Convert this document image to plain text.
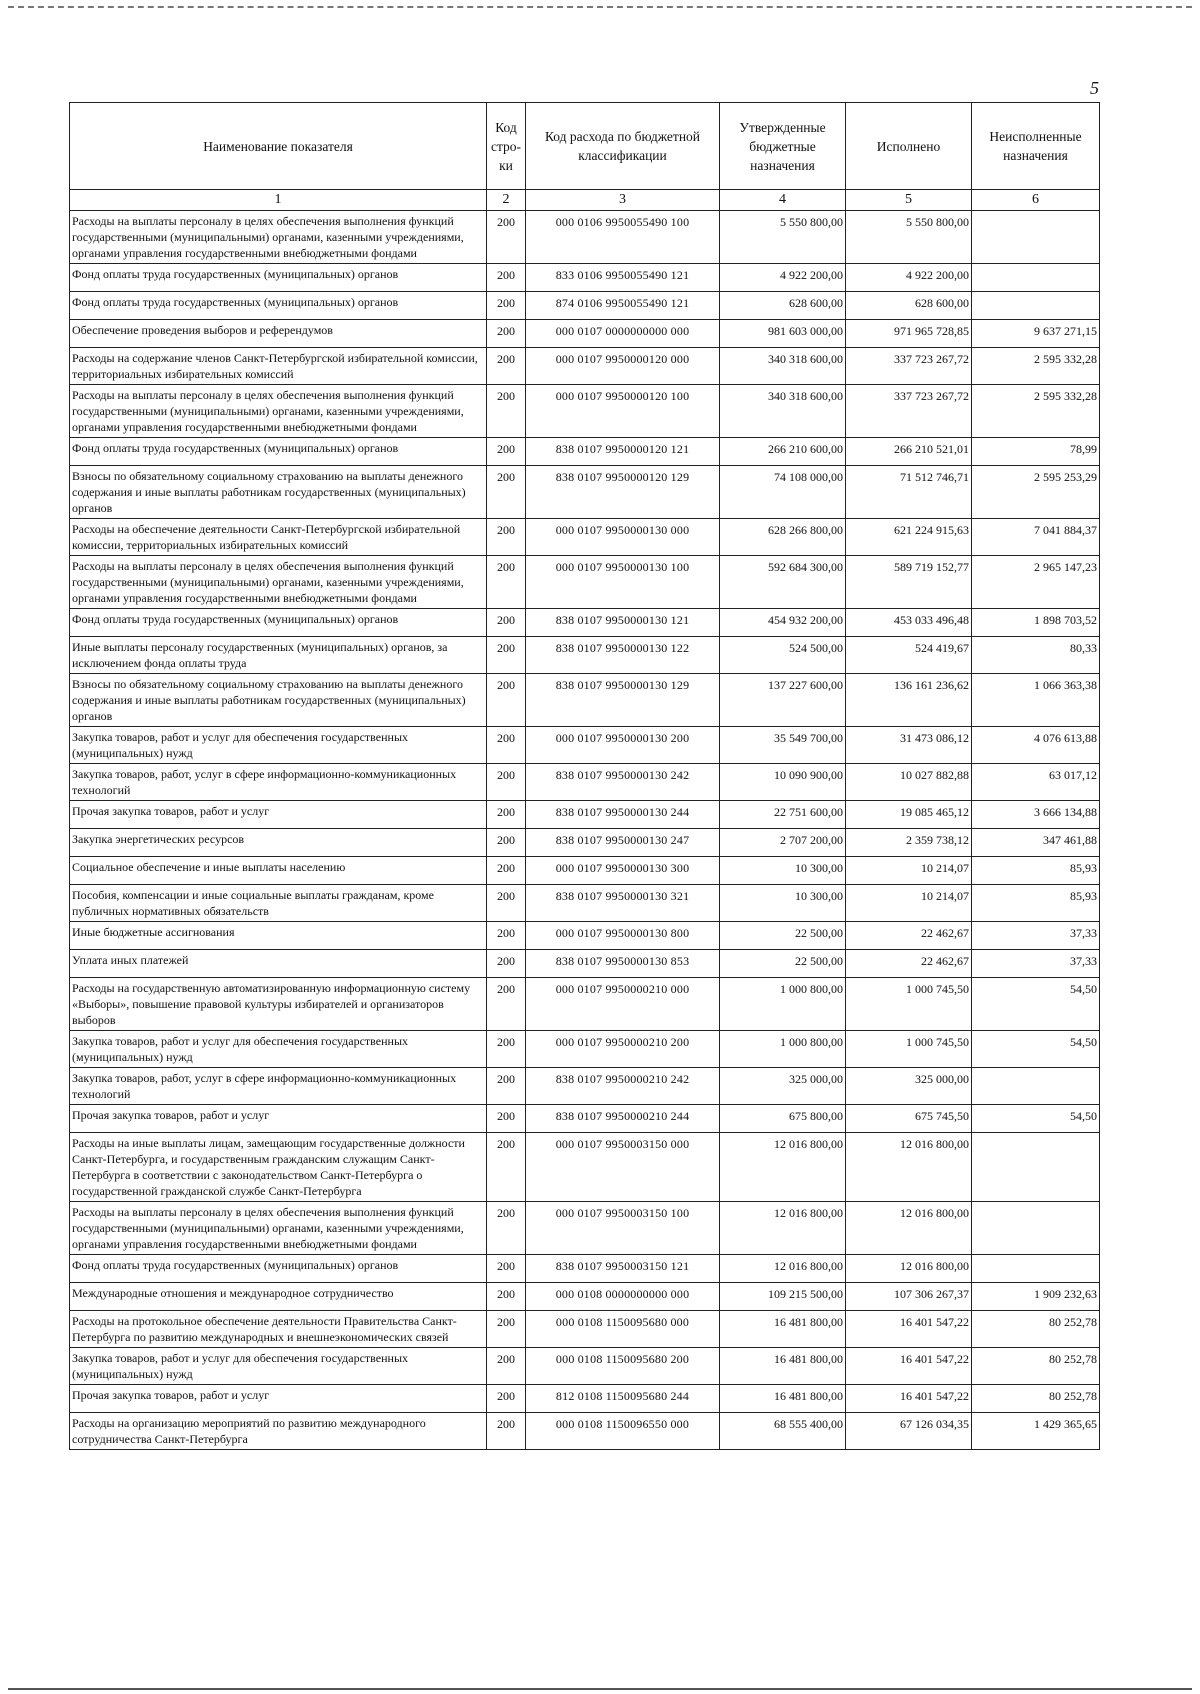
5
Наименование показателя	Код стро- ки	Код расхода по бюджетной классификации	Утвержденные бюджетные назначения	Исполнено	Неисполненные назначения
1	2	3	4	5	6
Расходы на выплаты персоналу в целях обеспечения выполнения функций государственными (муниципальными) органами, казенными учреждениями, органами управления государственными внебюджетными фондами	200	000 0106 9950055490 100	5 550 800,00	5 550 800,00	
Фонд оплаты труда государственных (муниципальных) органов	200	833 0106 9950055490 121	4 922 200,00	4 922 200,00	
Фонд оплаты труда государственных (муниципальных) органов	200	874 0106 9950055490 121	628 600,00	628 600,00	
Обеспечение проведения выборов и референдумов	200	000 0107 0000000000 000	981 603 000,00	971 965 728,85	9 637 271,15
Расходы на содержание членов Санкт-Петербургской избирательной комиссии, территориальных избирательных комиссий	200	000 0107 9950000120 000	340 318 600,00	337 723 267,72	2 595 332,28
Расходы на выплаты персоналу в целях обеспечения выполнения функций государственными (муниципальными) органами, казенными учреждениями, органами управления государственными внебюджетными фондами	200	000 0107 9950000120 100	340 318 600,00	337 723 267,72	2 595 332,28
Фонд оплаты труда государственных (муниципальных) органов	200	838 0107 9950000120 121	266 210 600,00	266 210 521,01	78,99
Взносы по обязательному социальному страхованию на выплаты денежного содержания и иные выплаты работникам государственных (муниципальных) органов	200	838 0107 9950000120 129	74 108 000,00	71 512 746,71	2 595 253,29
Расходы на обеспечение деятельности Санкт-Петербургской избирательной комиссии, территориальных избирательных комиссий	200	000 0107 9950000130 000	628 266 800,00	621 224 915,63	7 041 884,37
Расходы на выплаты персоналу в целях обеспечения выполнения функций государственными (муниципальными) органами, казенными учреждениями, органами управления государственными внебюджетными фондами	200	000 0107 9950000130 100	592 684 300,00	589 719 152,77	2 965 147,23
Фонд оплаты труда государственных (муниципальных) органов	200	838 0107 9950000130 121	454 932 200,00	453 033 496,48	1 898 703,52
Иные выплаты персоналу государственных (муниципальных) органов, за исключением фонда оплаты труда	200	838 0107 9950000130 122	524 500,00	524 419,67	80,33
Взносы по обязательному социальному страхованию на выплаты денежного содержания и иные выплаты работникам государственных (муниципальных) органов	200	838 0107 9950000130 129	137 227 600,00	136 161 236,62	1 066 363,38
Закупка товаров, работ и услуг для обеспечения государственных (муниципальных) нужд	200	000 0107 9950000130 200	35 549 700,00	31 473 086,12	4 076 613,88
Закупка товаров, работ, услуг в сфере информационно-коммуникационных технологий	200	838 0107 9950000130 242	10 090 900,00	10 027 882,88	63 017,12
Прочая закупка товаров, работ и услуг	200	838 0107 9950000130 244	22 751 600,00	19 085 465,12	3 666 134,88
Закупка энергетических ресурсов	200	838 0107 9950000130 247	2 707 200,00	2 359 738,12	347 461,88
Социальное обеспечение и иные выплаты населению	200	000 0107 9950000130 300	10 300,00	10 214,07	85,93
Пособия, компенсации и иные социальные выплаты гражданам, кроме публичных нормативных обязательств	200	838 0107 9950000130 321	10 300,00	10 214,07	85,93
Иные бюджетные ассигнования	200	000 0107 9950000130 800	22 500,00	22 462,67	37,33
Уплата иных платежей	200	838 0107 9950000130 853	22 500,00	22 462,67	37,33
Расходы на государственную автоматизированную информационную систему «Выборы», повышение правовой культуры избирателей и организаторов выборов	200	000 0107 9950000210 000	1 000 800,00	1 000 745,50	54,50
Закупка товаров, работ и услуг для обеспечения государственных (муниципальных) нужд	200	000 0107 9950000210 200	1 000 800,00	1 000 745,50	54,50
Закупка товаров, работ, услуг в сфере информационно-коммуникационных технологий	200	838 0107 9950000210 242	325 000,00	325 000,00	
Прочая закупка товаров, работ и услуг	200	838 0107 9950000210 244	675 800,00	675 745,50	54,50
Расходы на иные выплаты лицам, замещающим государственные должности Санкт-Петербурга, и государственным гражданским служащим Санкт-Петербурга в соответствии с законодательством Санкт-Петербурга о государственной гражданской службе Санкт-Петербурга	200	000 0107 9950003150 000	12 016 800,00	12 016 800,00	
Расходы на выплаты персоналу в целях обеспечения выполнения функций государственными (муниципальными) органами, казенными учреждениями, органами управления государственными внебюджетными фондами	200	000 0107 9950003150 100	12 016 800,00	12 016 800,00	
Фонд оплаты труда государственных (муниципальных) органов	200	838 0107 9950003150 121	12 016 800,00	12 016 800,00	
Международные отношения и международное сотрудничество	200	000 0108 0000000000 000	109 215 500,00	107 306 267,37	1 909 232,63
Расходы на протокольное обеспечение деятельности Правительства Санкт-Петербурга по развитию международных и внешнеэкономических связей	200	000 0108 1150095680 000	16 481 800,00	16 401 547,22	80 252,78
Закупка товаров, работ и услуг для обеспечения государственных (муниципальных) нужд	200	000 0108 1150095680 200	16 481 800,00	16 401 547,22	80 252,78
Прочая закупка товаров, работ и услуг	200	812 0108 1150095680 244	16 481 800,00	16 401 547,22	80 252,78
Расходы на организацию мероприятий по развитию международного сотрудничества Санкт-Петербурга	200	000 0108 1150096550 000	68 555 400,00	67 126 034,35	1 429 365,65
